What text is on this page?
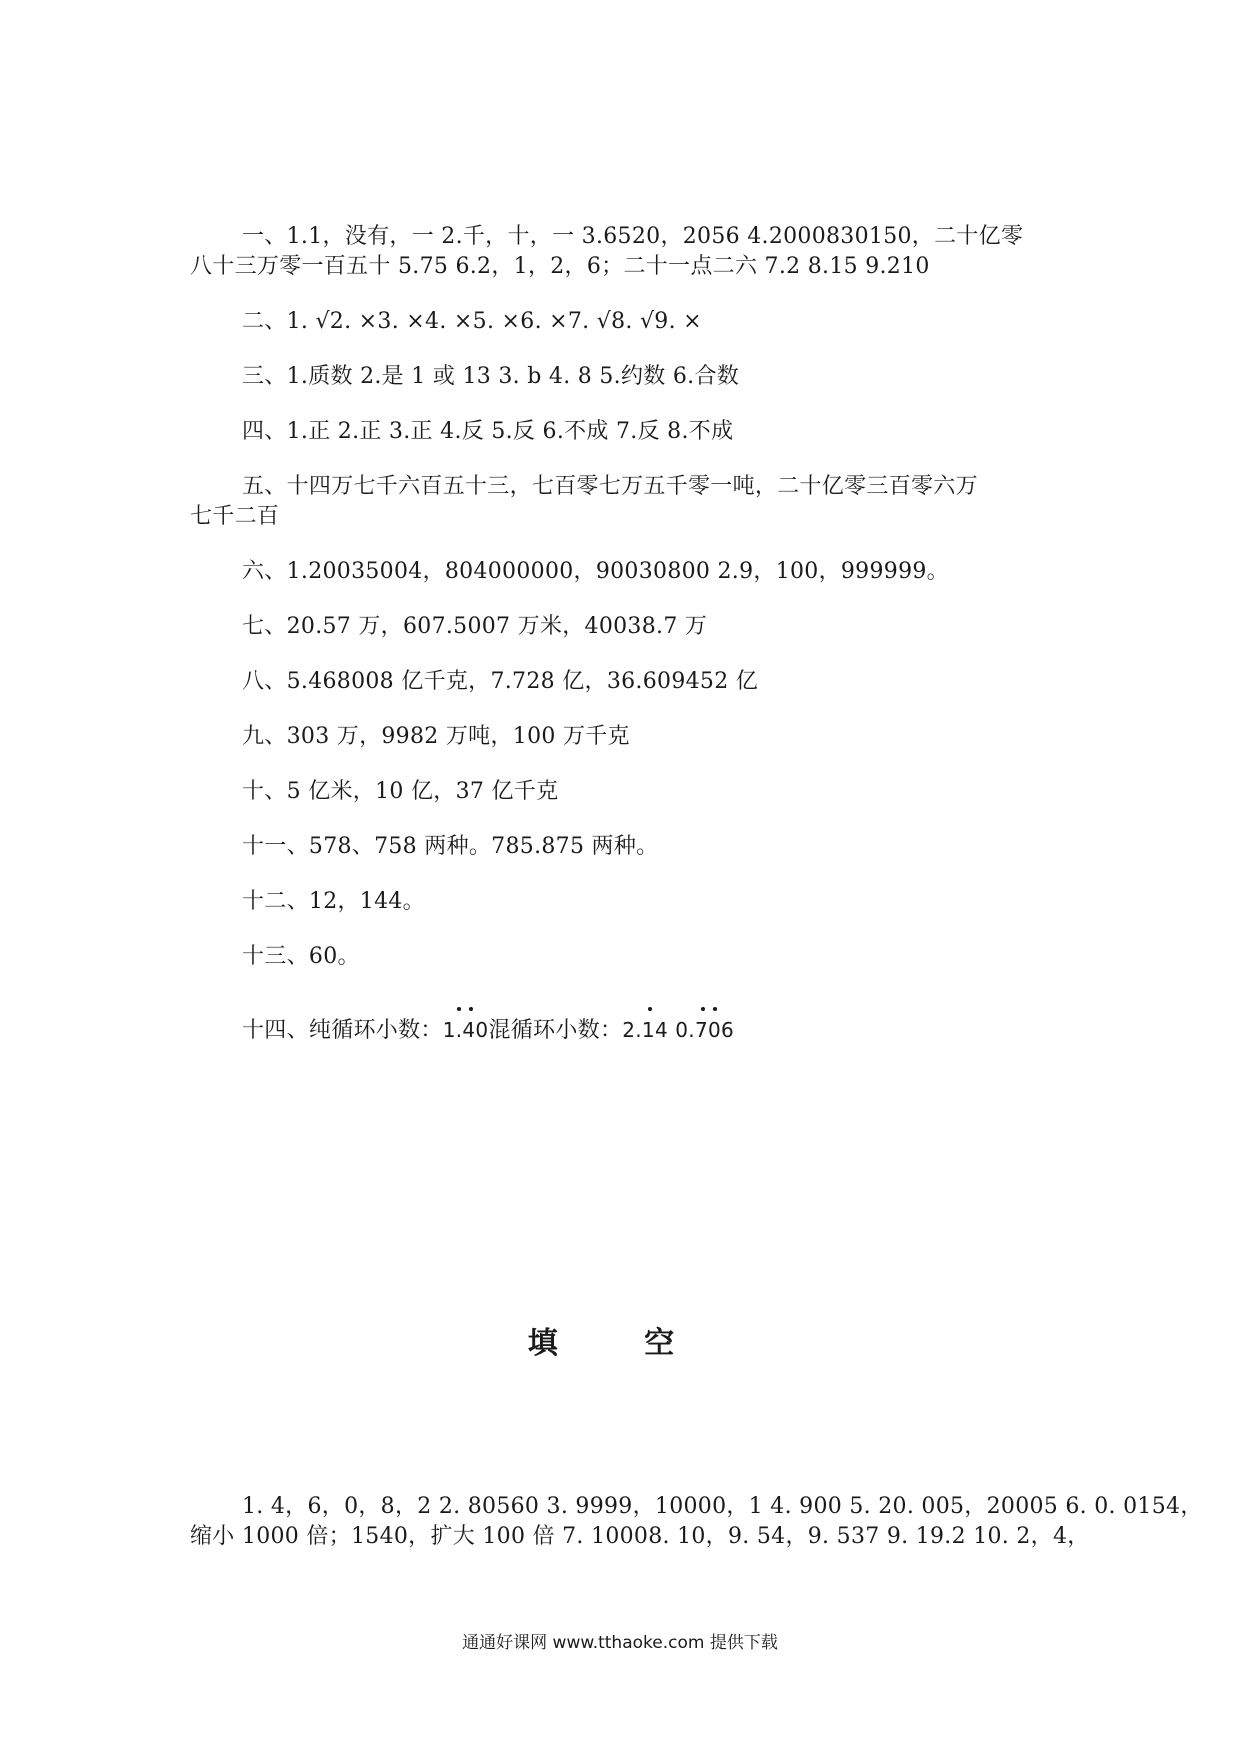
一、1.1，没有，一 2.千，十，一 3.6520，2056 4.2000830150，二十亿零
八十三万零一百五十 5.75 6.2，1，2，6；二十一点二六 7.2 8.15 9.210
二、1. √2. ×3. ×4. ×5. ×6. ×7. √8. √9. ×
三、1.质数 2.是 1 或 13 3. b 4. 8 5.约数 6.合数
四、1.正 2.正 3.正 4.反 5.反 6.不成 7.反 8.不成
五、十四万七千六百五十三，七百零七万五千零一吨，二十亿零三百零六万
七千二百
六、1.20035004，804000000，90030800 2.9，100，999999。
七、20.57 万，607.5007 万米，40038.7 万
八、5.468008 亿千克，7.728 亿，36.609452 亿
九、303 万，9982 万吨，100 万千克
十、5 亿米，10 亿，37 亿千克
十一、578、758 两种。785.875 两种。
十二、12，144。
十三、60。
十四、纯循环小数：
1.40混循环小数：
2.14 0.706
填 空
1. 4，6，0，8，2 2. 80560 3. 9999，10000，1 4. 900 5. 20. 005，20005 6. 0. 0154，
缩小 1000 倍；1540，扩大 100 倍 7. 10008. 10，9. 54，9. 537 9. 19.2 10. 2，4，
通通好课网 www.tthaoke.com 提供下载
